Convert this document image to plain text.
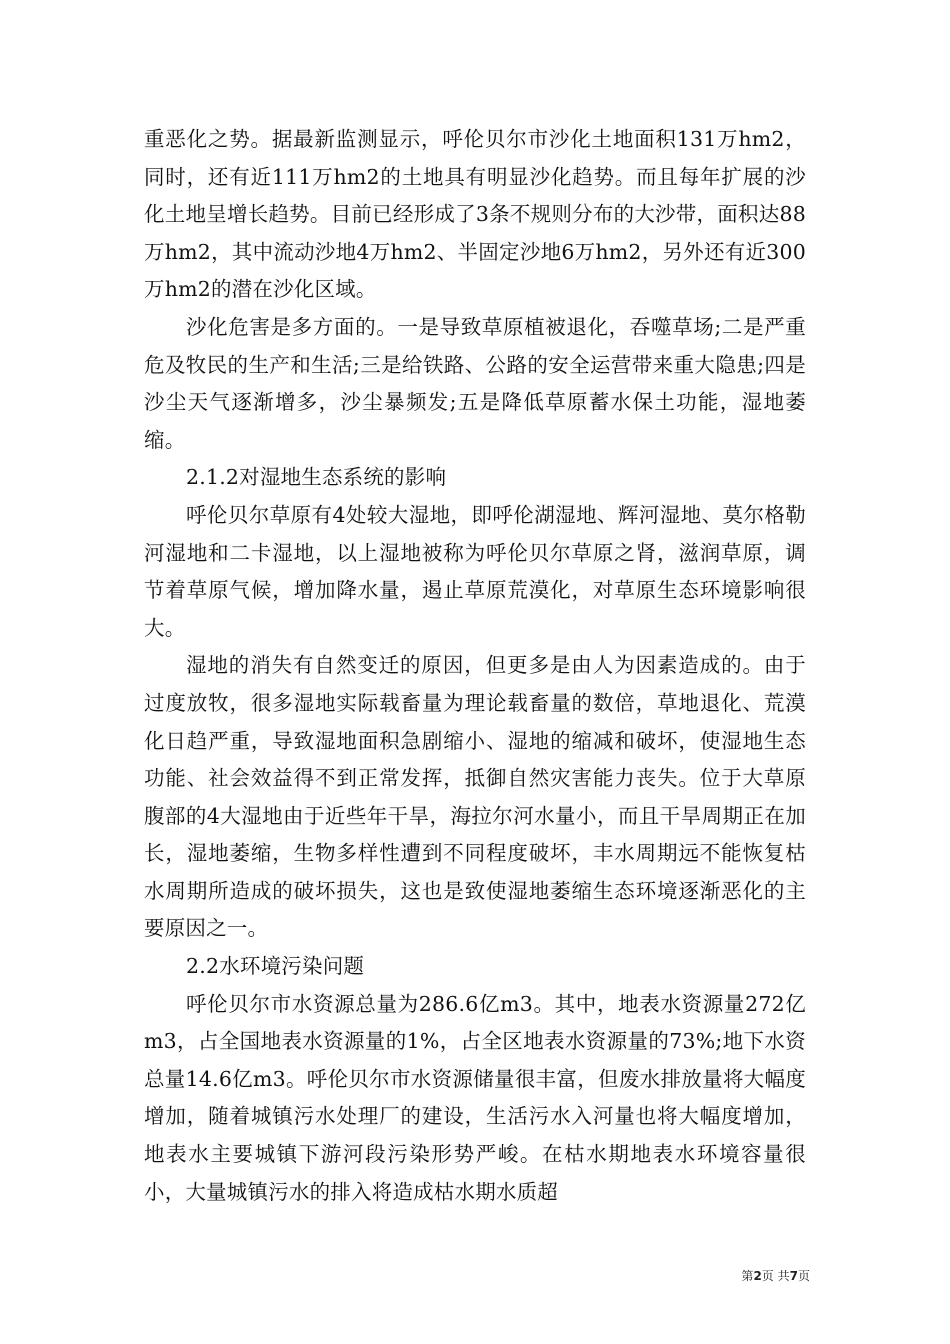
重恶化之势。据最新监测显示，呼伦贝尔市沙化土地面积131万hm2，同时，还有近111万hm2的土地具有明显沙化趋势。而且每年扩展的沙化土地呈增长趋势。目前已经形成了3条不规则分布的大沙带，面积达88万hm2，其中流动沙地4万hm2、半固定沙地6万hm2，另外还有近300万hm2的潜在沙化区域。

沙化危害是多方面的。一是导致草原植被退化，吞噬草场;二是严重危及牧民的生产和生活;三是给铁路、公路的安全运营带来重大隐患;四是沙尘天气逐渐增多，沙尘暴频发;五是降低草原蓄水保土功能，湿地萎缩。

2.1.2对湿地生态系统的影响

呼伦贝尔草原有4处较大湿地，即呼伦湖湿地、辉河湿地、莫尔格勒河湿地和二卡湿地，以上湿地被称为呼伦贝尔草原之肾，滋润草原，调节着草原气候，增加降水量，遏止草原荒漠化，对草原生态环境影响很大。

湿地的消失有自然变迁的原因，但更多是由人为因素造成的。由于过度放牧，很多湿地实际载畜量为理论载畜量的数倍，草地退化、荒漠化日趋严重，导致湿地面积急剧缩小、湿地的缩减和破坏，使湿地生态功能、社会效益得不到正常发挥，抵御自然灾害能力丧失。位于大草原腹部的4大湿地由于近些年干旱，海拉尔河水量小，而且干旱周期正在加长，湿地萎缩，生物多样性遭到不同程度破坏，丰水周期远不能恢复枯水周期所造成的破坏损失，这也是致使湿地萎缩生态环境逐渐恶化的主要原因之一。

2.2水环境污染问题

呼伦贝尔市水资源总量为286.6亿m3。其中，地表水资源量272亿m3，占全国地表水资源量的1%，占全区地表水资源量的73%;地下水资总量14.6亿m3。呼伦贝尔市水资源储量很丰富，但废水排放量将大幅度增加，随着城镇污水处理厂的建设，生活污水入河量也将大幅度增加，地表水主要城镇下游河段污染形势严峻。在枯水期地表水环境容量很小，大量城镇污水的排入将造成枯水期水质超

第2页 共7页
